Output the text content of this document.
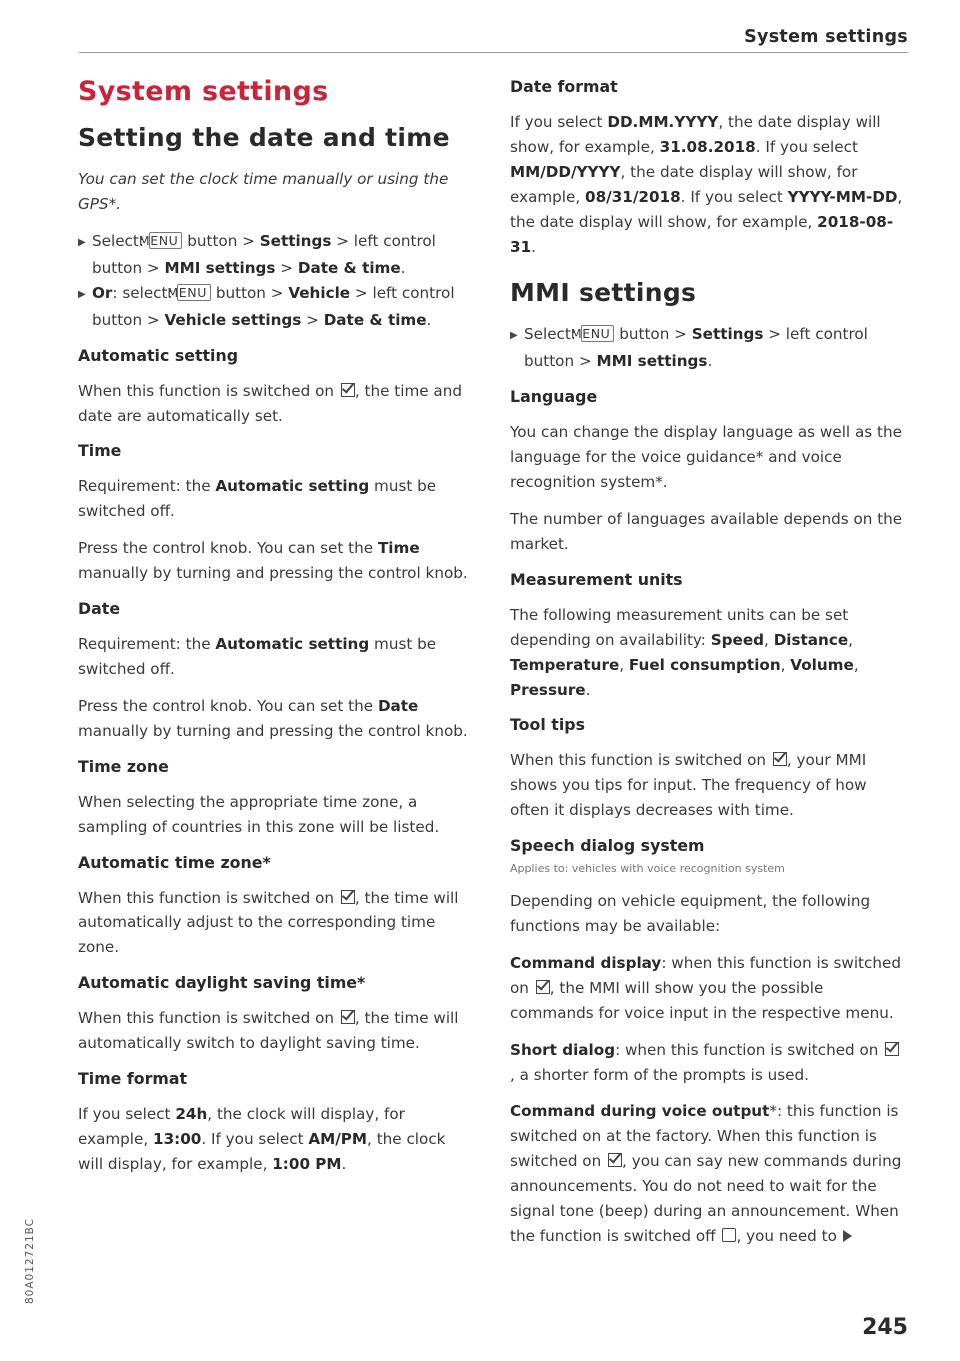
System settings
System settings
Setting the date and time
You can set the clock time manually or using the GPS*.
▶ Select: MENU button > Settings > left control button > MMI settings > Date & time.
▶ Or: select: MENU button > Vehicle > left control button > Vehicle settings > Date & time.
Automatic setting
When this function is switched on , the time and date are automatically set.
Time
Requirement: the Automatic setting must be switched off.
Press the control knob. You can set the Time manually by turning and pressing the control knob.
Date
Requirement: the Automatic setting must be switched off.
Press the control knob. You can set the Date manually by turning and pressing the control knob.
Time zone
When selecting the appropriate time zone, a sampling of countries in this zone will be listed.
Automatic time zone*
When this function is switched on , the time will automatically adjust to the corresponding time zone.
Automatic daylight saving time*
When this function is switched on , the time will automatically switch to daylight saving time.
Time format
If you select 24h, the clock will display, for example, 13:00. If you select AM/PM, the clock will display, for example, 1:00 PM.
Date format
If you select DD.MM.YYYY, the date display will show, for example, 31.08.2018. If you select MM/DD/YYYY, the date display will show, for example, 08/31/2018. If you select YYYY-MM-DD, the date display will show, for example, 2018-08-31.
MMI settings
▶ Select: MENU button > Settings > left control button > MMI settings.
Language
You can change the display language as well as the language for the voice guidance* and voice recognition system*.
The number of languages available depends on the market.
Measurement units
The following measurement units can be set depending on availability: Speed, Distance, Temperature, Fuel consumption, Volume, Pressure.
Tool tips
When this function is switched on , your MMI shows you tips for input. The frequency of how often it displays decreases with time.
Speech dialog system
Applies to: vehicles with voice recognition system
Depending on vehicle equipment, the following functions may be available:
Command display: when this function is switched on , the MMI will show you the possible commands for voice input in the respective menu.
Short dialog: when this function is switched on , a shorter form of the prompts is used.
Command during voice output*: this function is switched on at the factory. When this function is switched on , you can say new commands during announcements. You do not need to wait for the signal tone (beep) during an announcement. When the function is switched off , you need to
245
80A012721BC
